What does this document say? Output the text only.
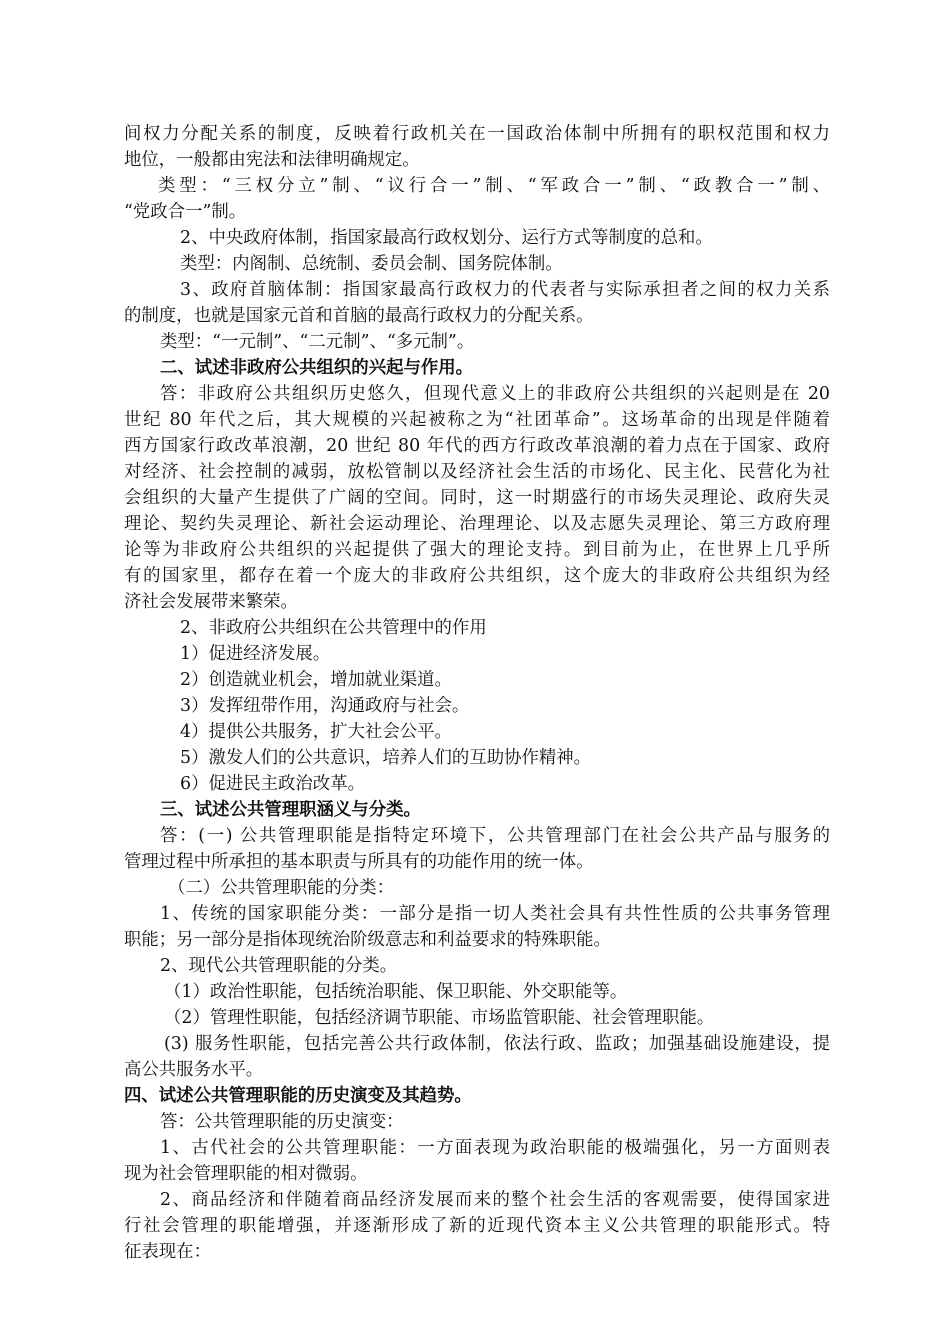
间权力分配关系的制度，反映着行政机关在一国政治体制中所拥有的职权范围和权力
地位，一般都由宪法和法律明确规定。
类型：“三权分立”制、“议行合一”制、“军政合一”制、“政教合一”制、
“党政合一”制。
2、中央政府体制，指国家最高行政权划分、运行方式等制度的总和。
类型：内阁制、总统制、委员会制、国务院体制。
3、政府首脑体制：指国家最高行政权力的代表者与实际承担者之间的权力关系
的制度，也就是国家元首和首脑的最高行政权力的分配关系。
类型：“一元制”、“二元制”、“多元制”。
二、试述非政府公共组织的兴起与作用。
答：非政府公共组织历史悠久，但现代意义上的非政府公共组织的兴起则是在 20
世纪 80 年代之后，其大规模的兴起被称之为“社团革命”。这场革命的出现是伴随着
西方国家行政改革浪潮，20 世纪 80 年代的西方行政改革浪潮的着力点在于国家、政府
对经济、社会控制的减弱，放松管制以及经济社会生活的市场化、民主化、民营化为社
会组织的大量产生提供了广阔的空间。同时，这一时期盛行的市场失灵理论、政府失灵
理论、契约失灵理论、新社会运动理论、治理理论、以及志愿失灵理论、第三方政府理
论等为非政府公共组织的兴起提供了强大的理论支持。到目前为止，在世界上几乎所
有的国家里，都存在着一个庞大的非政府公共组织，这个庞大的非政府公共组织为经
济社会发展带来繁荣。
2、非政府公共组织在公共管理中的作用
1）促进经济发展。
2）创造就业机会，增加就业渠道。
3）发挥纽带作用，沟通政府与社会。
4）提供公共服务，扩大社会公平。
5）激发人们的公共意识，培养人们的互助协作精神。
6）促进民主政治改革。
三、试述公共管理职涵义与分类。
答：(一) 公共管理职能是指特定环境下，公共管理部门在社会公共产品与服务的
管理过程中所承担的基本职责与所具有的功能作用的统一体。
（二）公共管理职能的分类：
1、传统的国家职能分类：一部分是指一切人类社会具有共性性质的公共事务管理
职能；另一部分是指体现统治阶级意志和利益要求的特殊职能。
2、现代公共管理职能的分类。
（1）政治性职能，包括统治职能、保卫职能、外交职能等。
（2）管理性职能，包括经济调节职能、市场监管职能、社会管理职能。
(3) 服务性职能，包括完善公共行政体制，依法行政、监政；加强基础设施建设，提
高公共服务水平。
四、试述公共管理职能的历史演变及其趋势。
答：公共管理职能的历史演变：
1、古代社会的公共管理职能：一方面表现为政治职能的极端强化，另一方面则表
现为社会管理职能的相对微弱。
2、商品经济和伴随着商品经济发展而来的整个社会生活的客观需要，使得国家进
行社会管理的职能增强，并逐渐形成了新的近现代资本主义公共管理的职能形式。特
征表现在：
